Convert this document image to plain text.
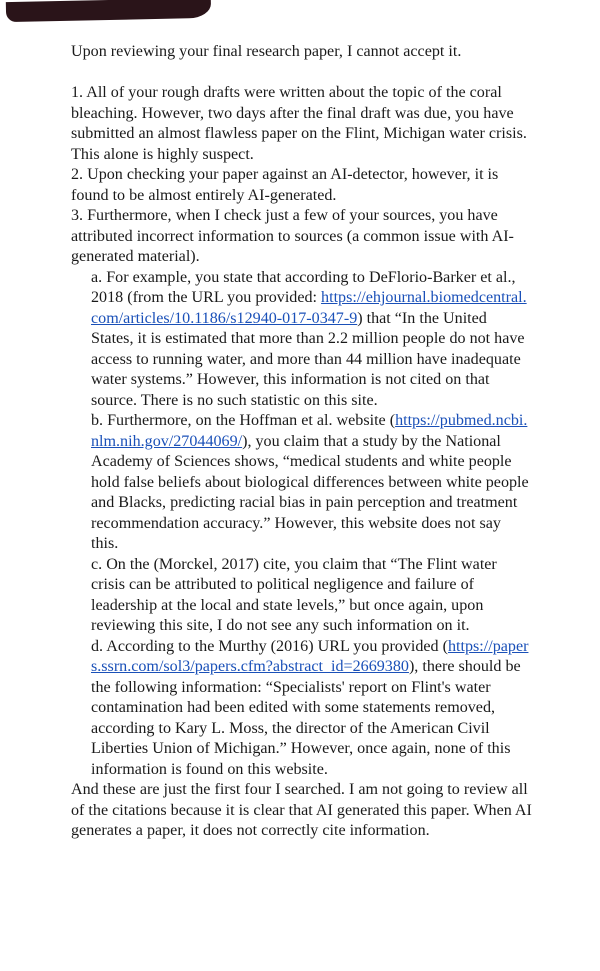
Upon reviewing your final research paper, I cannot accept it.

1. All of your rough drafts were written about the topic of the coral bleaching. However, two days after the final draft was due, you have submitted an almost flawless paper on the Flint, Michigan water crisis. This alone is highly suspect.

2. Upon checking your paper against an AI-detector, however, it is found to be almost entirely AI-generated.

3. Furthermore, when I check just a few of your sources, you have attributed incorrect information to sources (a common issue with AI-generated material).

a. For example, you state that according to DeFlorio-Barker et al., 2018 (from the URL you provided: https://ehjournal.biomedcentral.com/articles/10.1186/s12940-017-0347-9) that “In the United States, it is estimated that more than 2.2 million people do not have access to running water, and more than 44 million have inadequate water systems.” However, this information is not cited on that source. There is no such statistic on this site.

b. Furthermore, on the Hoffman et al. website (https://pubmed.ncbi.nlm.nih.gov/27044069/), you claim that a study by the National Academy of Sciences shows, “medical students and white people hold false beliefs about biological differences between white people and Blacks, predicting racial bias in pain perception and treatment recommendation accuracy.” However, this website does not say this.

c. On the (Morckel, 2017) cite, you claim that “The Flint water crisis can be attributed to political negligence and failure of leadership at the local and state levels,” but once again, upon reviewing this site, I do not see any such information on it.

d. According to the Murthy (2016) URL you provided (https://papers.ssrn.com/sol3/papers.cfm?abstract_id=2669380), there should be the following information: “Specialists' report on Flint's water contamination had been edited with some statements removed, according to Kary L. Moss, the director of the American Civil Liberties Union of Michigan.” However, once again, none of this information is found on this website.

And these are just the first four I searched. I am not going to review all of the citations because it is clear that AI generated this paper. When AI generates a paper, it does not correctly cite information.
